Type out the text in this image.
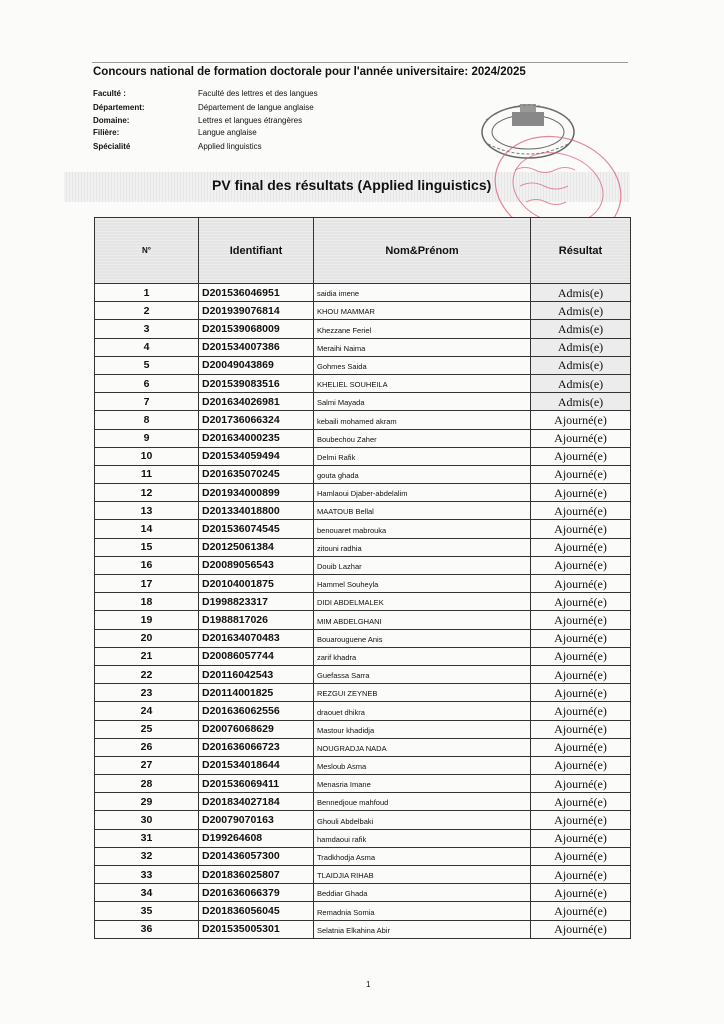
Concours national de formation doctorale pour l'année universitaire: 2024/2025
Faculté :	Faculté des lettres et des langues
Département:	Département de langue anglaise
Domaine:	Lettres et langues étrangères
Filière:	Langue anglaise
Spécialité	Applied linguistics
PV final des résultats (Applied linguistics)
N°	Identifiant	Nom&Prénom	Résultat
1	D201536046951	saidia imene	Admis(e)
2	D201939076814	KHOU MAMMAR	Admis(e)
3	D201539068009	Khezzane Feriel	Admis(e)
4	D201534007386	Meraihi Naima	Admis(e)
5	D20049043869	Gohmes Saida	Admis(e)
6	D201539083516	KHELIEL SOUHEILA	Admis(e)
7	D201634026981	Salmi Mayada	Admis(e)
8	D201736066324	kebaili mohamed akram	Ajourné(e)
9	D201634000235	Boubechou Zaher	Ajourné(e)
10	D201534059494	Delmi Rafik	Ajourné(e)
11	D201635070245	gouta ghada	Ajourné(e)
12	D201934000899	Hamlaoui Djaber-abdelalim	Ajourné(e)
13	D201334018800	MAATOUB Bellal	Ajourné(e)
14	D201536074545	benouaret mabrouka	Ajourné(e)
15	D20125061384	zitouni radhia	Ajourné(e)
16	D20089056543	Douib Lazhar	Ajourné(e)
17	D20104001875	Hammel Souheyla	Ajourné(e)
18	D1998823317	DIDI ABDELMALEK	Ajourné(e)
19	D1988817026	MIM ABDELGHANI	Ajourné(e)
20	D201634070483	Bouarouguene Anis	Ajourné(e)
21	D20086057744	zarif khadra	Ajourné(e)
22	D20116042543	Guefassa Sarra	Ajourné(e)
23	D20114001825	REZGUI ZEYNEB	Ajourné(e)
24	D201636062556	draouet dhikra	Ajourné(e)
25	D20076068629	Mastour khadidja	Ajourné(e)
26	D201636066723	NOUGRADJA NADA	Ajourné(e)
27	D201534018644	Mesloub Asma	Ajourné(e)
28	D201536069411	Menasria Imane	Ajourné(e)
29	D201834027184	Bennedjoue mahfoud	Ajourné(e)
30	D20079070163	Ghouli Abdelbaki	Ajourné(e)
31	D199264608	hamdaoui rafik	Ajourné(e)
32	D201436057300	Tradkhodja Asma	Ajourné(e)
33	D201836025807	TLAIDJIA RIHAB	Ajourné(e)
34	D201636066379	Beddiar Ghada	Ajourné(e)
35	D201836056045	Remadnia Somia	Ajourné(e)
36	D201535005301	Selatnia Elkahina Abir	Ajourné(e)
1
